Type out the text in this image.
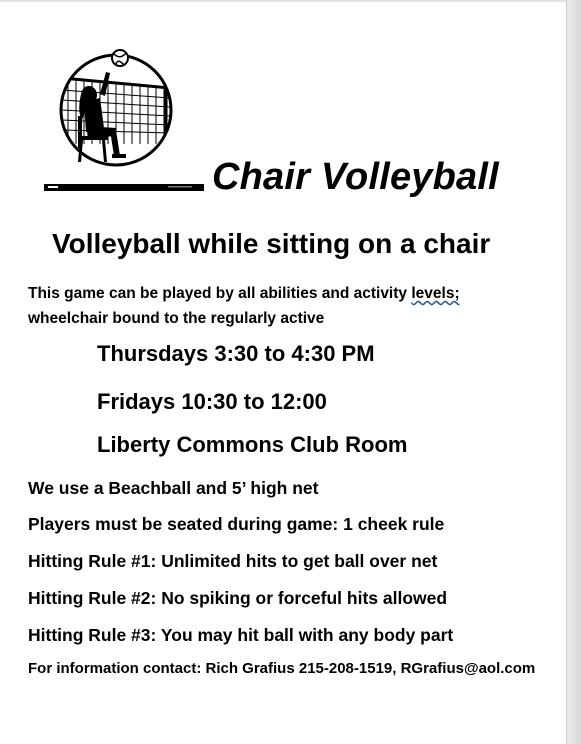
Chair Volleyball
Volleyball while sitting on a chair
This game can be played by all abilities and activity levels;
wheelchair bound to the regularly active
Thursdays 3:30 to 4:30 PM
Fridays 10:30 to 12:00
Liberty Commons Club Room
We use a Beachball and 5’ high net
Players must be seated during game: 1 cheek rule
Hitting Rule #1: Unlimited hits to get ball over net
Hitting Rule #2: No spiking or forceful hits allowed
Hitting Rule #3: You may hit ball with any body part
For information contact: Rich Grafius 215-208-1519, RGrafius@aol.com
